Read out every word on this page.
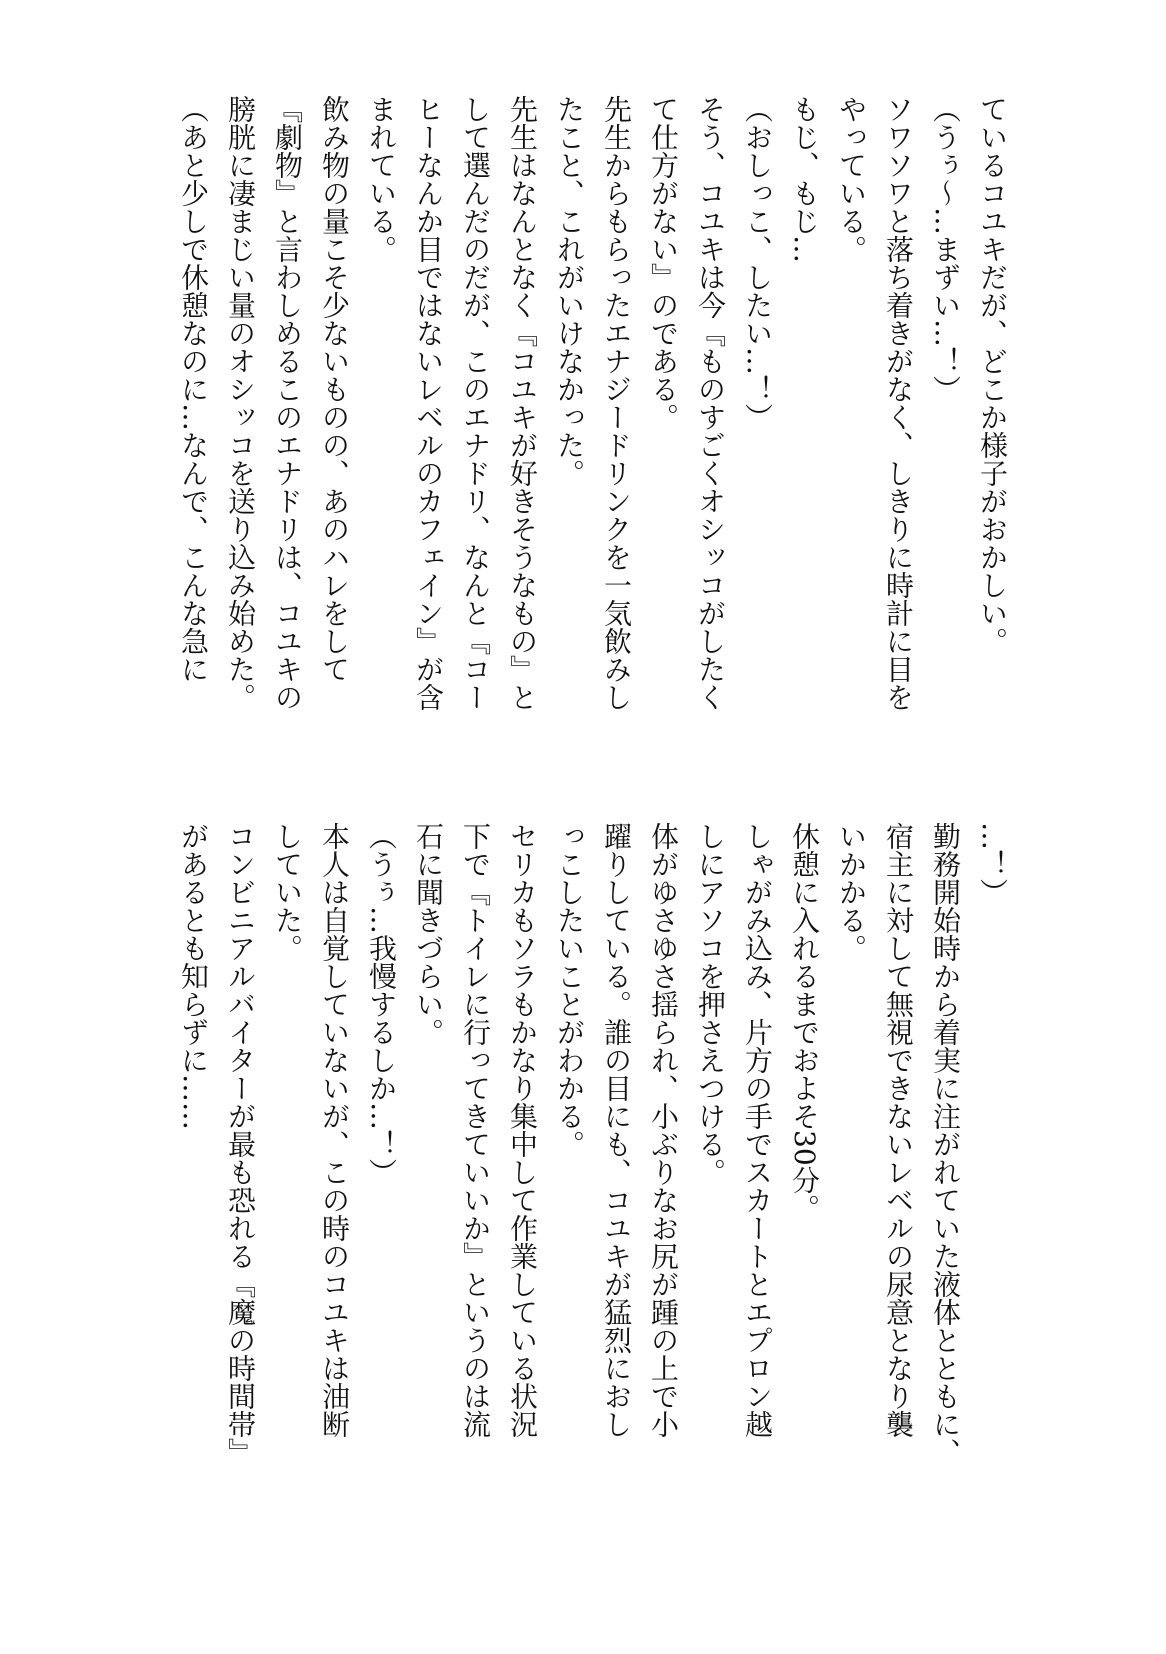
ているコユキだが、どこか様子がおかしい。
（うぅ～…まずい…！）
ソワソワと落ち着きがなく、しきりに時計に目を
やっている。
もじ、もじ…
（おしっこ、したい…！）
そう、コユキは今『ものすごくオシッコがしたく
て仕方がない』のである。
先生からもらったエナジードリンクを一気飲みし
たこと、これがいけなかった。
先生はなんとなく『コユキが好きそうなもの』と
して選んだのだが、このエナドリ、なんと『コー
ヒーなんか目ではないレベルのカフェイン』が含
まれている。
飲み物の量こそ少ないものの、あのハレをして
『劇物』と言わしめるこのエナドリは、コユキの
膀胱に凄まじい量のオシッコを送り込み始めた。
（あと少しで休憩なのに…なんで、こんな急に
…！）
勤務開始時から着実に注がれていた液体とともに、
宿主に対して無視できないレベルの尿意となり襲
いかかる。
休憩に入れるまでおよそ30分。
しゃがみ込み、片方の手でスカートとエプロン越
しにアソコを押さえつける。
体がゆさゆさ揺られ、小ぶりなお尻が踵の上で小
躍りしている。誰の目にも、コユキが猛烈におし
っこしたいことがわかる。
セリカもソラもかなり集中して作業している状況
下で『トイレに行ってきていいか』というのは流
石に聞きづらい。
（うぅ…我慢するしか…！）
本人は自覚していないが、この時のコユキは油断
していた。
コンビニアルバイターが最も恐れる『魔の時間帯』
があるとも知らずに……
